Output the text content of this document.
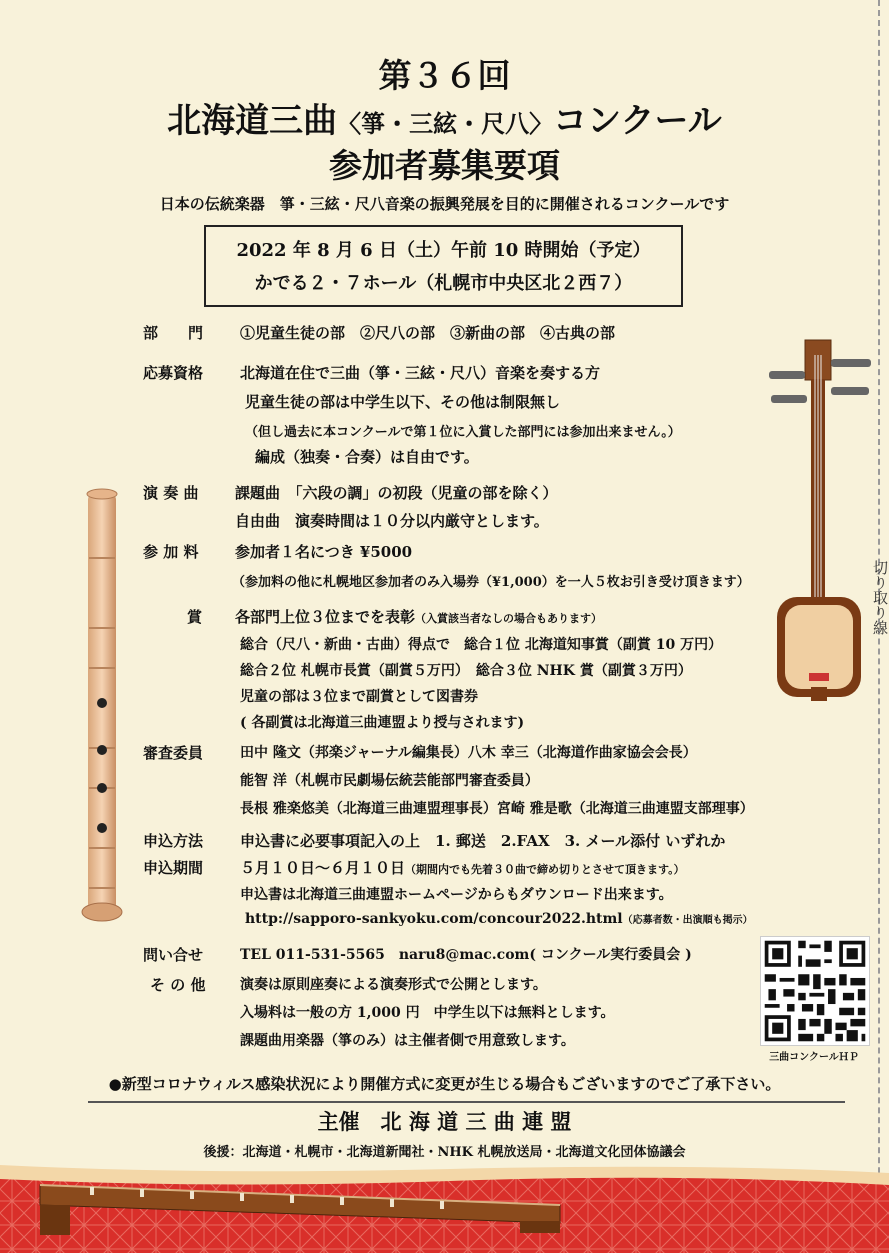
切り取り線
第３６回
北海道三曲〈箏・三絃・尺八〉コンクール
参加者募集要項
日本の伝統楽器　箏・三絃・尺八音楽の振興発展を目的に開催されるコンクールです
2022 年 8 月 6 日（土）午前 10 時開始（予定）
かでる２・７ホール（札幌市中央区北２西７）
部　　門 ①児童生徒の部　②尺八の部　③新曲の部　④古典の部
応募資格 北海道在住で三曲（箏・三絃・尺八）音楽を奏する方
児童生徒の部は中学生以下、その他は制限無し
（但し過去に本コンクールで第１位に入賞した部門には参加出来ません。）
編成（独奏・合奏）は自由です。
演 奏 曲 課題曲　「六段の調」の初段（児童の部を除く）
自由曲　演奏時間は１０分以内厳守とします。
参 加 料 参加者１名につき ¥5000
（参加料の他に札幌地区参加者のみ入場券（¥1,000）を一人５枚お引き受け頂きます）
賞 各部門上位３位までを表彰（入賞該当者なしの場合もあります）
総合（尺八・新曲・古曲）得点で　総合１位 北海道知事賞（副賞 10 万円）
総合２位 札幌市長賞（副賞５万円）　総合３位 NHK 賞（副賞３万円）
児童の部は３位まで副賞として図書券
( 各副賞は北海道三曲連盟より授与されます)
審査委員	田中 隆文（邦楽ジャーナル編集長）八木 幸三（北海道作曲家協会会長）
能智 洋（札幌市民劇場伝統芸能部門審査委員）
長根 雅楽悠美（北海道三曲連盟理事長）宮崎 雅是歌（北海道三曲連盟支部理事）
申込方法 申込書に必要事項記入の上　1. 郵送　2.FAX　3. メール添付 いずれか
申込期間 ５月１０日〜６月１０日（期間内でも先着３０曲で締め切りとさせて頂きます。）
申込書は北海道三曲連盟ホームページからもダウンロード出来ます。
http://sapporo-sankyoku.com/concour2022.html（応募者数・出演順も掲示）
問い合せ	TEL 011-531-5565　naru8@mac.com( コンクール実行委員会 )
そ の 他 演奏は原則座奏による演奏形式で公開とします。
入場料は一般の方 1,000 円　中学生以下は無料とします。
課題曲用楽器（箏のみ）は主催者側で用意致します。
三曲コンクールＨＰ
●新型コロナウィルス感染状況により開催方式に変更が生じる場合もございますのでご了承下さい。
主催　北 海 道 三 曲 連 盟
後援：北海道・札幌市・北海道新聞社・NHK 札幌放送局・北海道文化団体協議会
